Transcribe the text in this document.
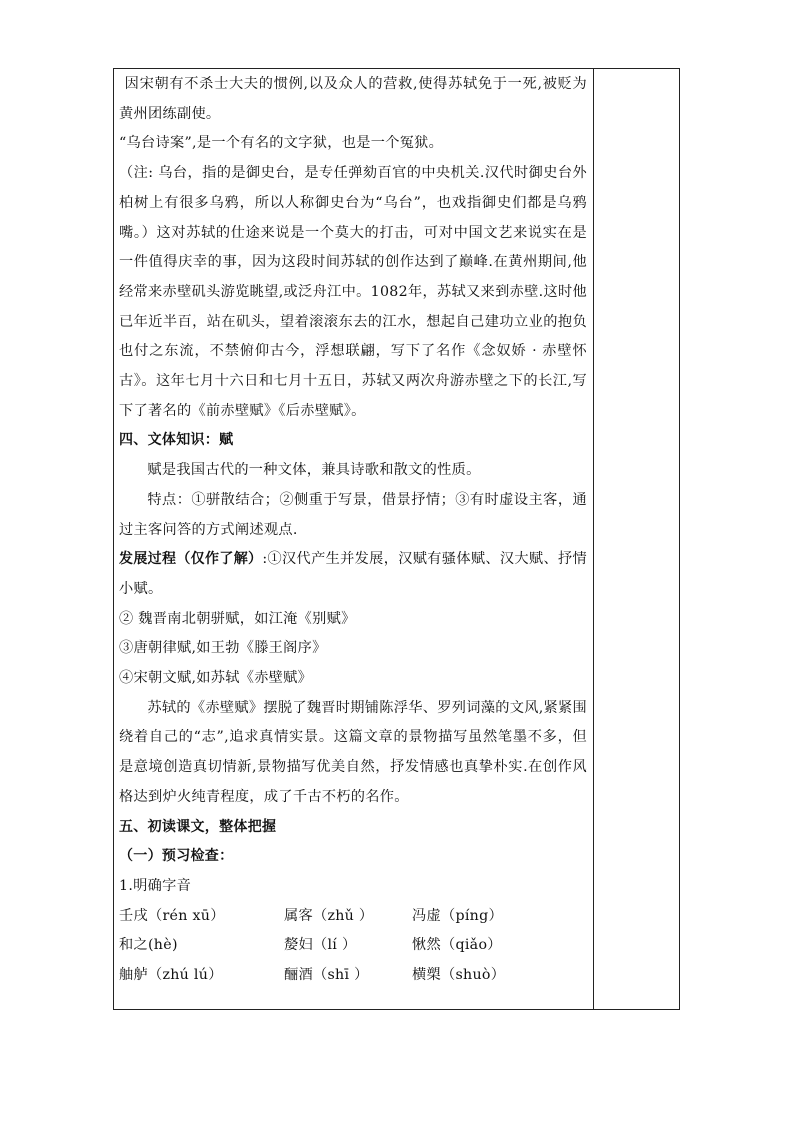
因宋朝有不杀士大夫的惯例,以及众人的营救,使得苏轼免于一死,被贬为黄州团练副使。

“乌台诗案”,是一个有名的文字狱，也是一个冤狱。

（注: 乌台，指的是御史台，是专任弹劾百官的中央机关.汉代时御史台外柏树上有很多乌鸦，所以人称御史台为“乌台”，也戏指御史们都是乌鸦嘴。）这对苏轼的仕途来说是一个莫大的打击，可对中国文艺来说实在是一件值得庆幸的事，因为这段时间苏轼的创作达到了巅峰.在黄州期间,他经常来赤壁矶头游览眺望,或泛舟江中。1082年，苏轼又来到赤壁.这时他已年近半百，站在矶头，望着滚滚东去的江水，想起自己建功立业的抱负也付之东流，不禁俯仰古今，浮想联翩，写下了名作《念奴娇 · 赤壁怀古》。这年七月十六日和七月十五日，苏轼又两次舟游赤壁之下的长江,写下了著名的《前赤壁赋》《后赤壁赋》。

四、文体知识：赋

赋是我国古代的一种文体，兼具诗歌和散文的性质。

特点：①骈散结合；②侧重于写景，借景抒情；③有时虚设主客，通过主客问答的方式阐述观点.

发展过程（仅作了解）:①汉代产生并发展，汉赋有骚体赋、汉大赋、抒情小赋。

② 魏晋南北朝骈赋，如江淹《别赋》

③唐朝律赋,如王勃《滕王阁序》

④宋朝文赋,如苏轼《赤壁赋》

苏轼的《赤壁赋》摆脱了魏晋时期铺陈浮华、罗列词藻的文风,紧紧围绕着自己的“志”,追求真情实景。这篇文章的景物描写虽然笔墨不多，但是意境创造真切情新,景物描写优美自然，抒发情感也真挚朴实.在创作风格达到炉火纯青程度，成了千古不朽的名作。

五、初读课文，整体把握

（一）预习检查：

1.明确字音

壬戌（rén xū）	属客（zhǔ ）	冯虚（píng）
和之(hè)	嫠妇（lí ）	愀然（qiǎo）
舳舻（zhú lú）	酾酒（shī ）	横槊（shuò）
